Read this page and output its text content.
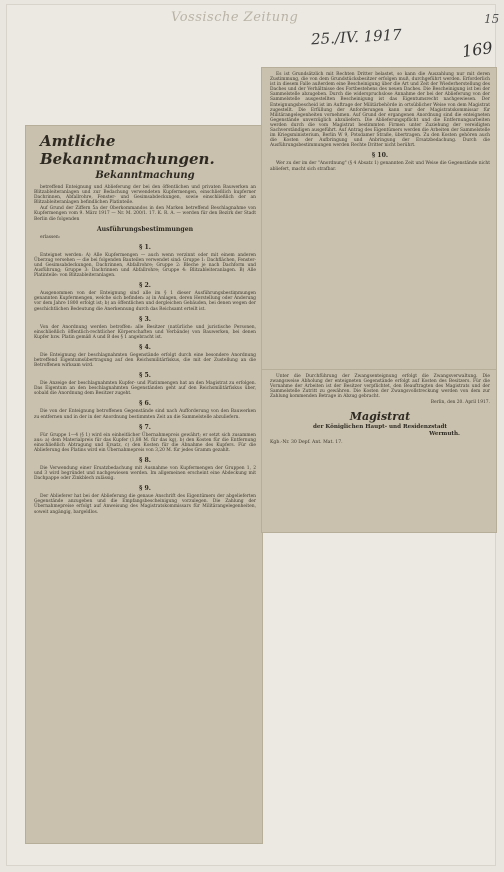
Vossische Zeitung	15
25./IV. 1917
169
Amtliche Bekanntmachungen.
Bekanntmachung

betreffend Enteignung und Ablieferung der bei den öffentlichen und privaten Bauwerken an Blitzableiteranlagen und zur Bedachung verwendeten Kupfermengen, einschließlich kupferner Dachrinnen, Abfallrohre, Fenster- und Gesimsabdeckungen, sowie einschließlich der an Blitzableiteranlagen befindlichen Platinteile.

Auf Grund der Ziffern 5a der Oberkommandos in den Marken betreffend Beschlagnahme von Kupfermengen vom 9. März 1917 — Nr. M. 200/1. 17. K. R. A. — werden für den Bezirk der Stadt Berlin die folgenden

Ausführungsbestimmungen

erlassen:

§ 1.

Enteignet werden: A) Alle Kupfermengen — auch wenn verzinnt oder mit einem anderen Überzug versehen — die bei folgenden Bauteilen verwendet sind: Gruppe 1: Dachflächen, Fenster- und Gesimsabdeckungen, Dachrinnen, Abfallrohre; Gruppe 2: Bleche je nach Dachform und Ausführung; Gruppe 3: Dachrinnen und Abfallrohre; Gruppe 4: Blitzableiteranlagen. B) Alle Platinteile: von Blitzableiteranlagen.

§ 2.

Ausgenommen von der Enteignung sind alle im § 1 dieser Ausführungsbestimmungen genannten Kupfermengen, welche sich befinden: a) in Anlagen, deren Herstellung oder Änderung vor dem Jahre 1800 erfolgt ist; b) an öffentlichen und dergleichen Gebäuden, bei denen wegen der geschichtlichen Bedeutung die Anerkennung durch das Reichsamt erteilt ist.

§ 3.

Von der Anordnung werden betroffen: alle Besitzer (natürliche und juristische Personen, einschließlich öffentlich-rechtlicher Körperschaften und Verbände) von Bauwerken, bei denen Kupfer bzw. Platin gemäß A und B des § 1 angebracht ist.

§ 4.

Die Enteignung der beschlagnahmten Gegenstände erfolgt durch eine besondere Anordnung betreffend Eigentumsübertragung auf den Reichsmilitärfiskus, die mit der Zustellung an die Betroffenen wirksam wird.

§ 5.

Die Anzeige der beschlagnahmten Kupfer- und Platinmengen hat an den Magistrat zu erfolgen. Das Eigentum an den beschlagnahmten Gegenständen geht auf den Reichsmilitärfiskus über, sobald die Anordnung dem Besitzer zugeht.

§ 6.

Die von der Enteignung betroffenen Gegenstände sind nach Aufforderung von den Bauwerken zu entfernen und in der in der Anordnung bestimmten Zeit an die Sammelstelle abzuliefern.

§ 7.

Für Gruppe 1—4 (§ 1) wird ein einheitlicher Übernahmepreis gewährt; er setzt sich zusammen aus: a) dem Materialpreis für das Kupfer (1,88 M. für das kg), b) den Kosten für die Entfernung einschließlich Abtragung und Ersatz, c) den Kosten für die Abnahme des Kupfers. Für die Ablieferung des Platins wird ein Übernahmepreis von 3,20 M. für jedes Gramm gezahlt.

§ 8.

Die Verwendung einer Ersatzbedachung mit Ausnahme von Kupfermengen der Gruppen 1, 2 und 3 wird begründet und nachgewiesen werden. Im allgemeinen erscheint eine Abdeckung mit Dachpappe oder Zinkblech zulässig.

§ 9.

Der Ablieferer hat bei der Ablieferung die genaue Anschrift des Eigentümers der abgelieferten Gegenstände anzugeben und die Empfangsbescheinigung vorzulegen. Die Zahlung der Übernahmepreise erfolgt auf Anweisung des Magistratskommissars für Militärangelegenheiten, soweit angängig, bargeldlos.

Es ist Grundsätzlich mit Rechten Dritter belastet, so kann die Auszahlung nur mit deren Zustimmung, die von dem Grundstücksbesitzer erfolgen muß, durchgeführt werden. Erforderlich ist in diesem Falle außerdem eine Bescheinigung über die Art und Zeit der Wiederherstellung des Daches und der Verhältnisse des Fortbestehens des neuen Daches. Die Bescheinigung ist bei der Sammelstelle abzugeben. Durch die widerspruchslose Annahme der bei der Ablieferung von der Sammelstelle ausgestellten Bescheinigung ist das Eigentumsrecht nachgewiesen. Der Enteignungsbescheid ist im Auftrage der Militärbehörde in ortsüblicher Weise von dem Magistrat zugestellt. Die Erfüllung der Anforderungen kann nur der Magistratskommissar für Militärangelegenheiten vornehmen. Auf Grund der ergangenen Anordnung sind die enteigneten Gegenstände unverzüglich abzuliefern. Die Ablieferungspflicht und die Entfernungsarbeiten werden durch die vom Magistrat bestimmten Firmen unter Zuziehung der vereidigten Sachverständigen ausgeführt. Auf Antrag des Eigentümers werden die Arbeiten der Sammelstelle im Kriegsministerium, Berlin W 9, Potsdamer Straße, übertragen. Zu den Kosten gehören auch die Kosten der Aufbringung und Anbringung der Ersatzbedachung. Durch die Ausführungsbestimmungen werden Rechte Dritter nicht berührt.

§ 10.

Wer zu der im der "Anordnung" (§ 4 Absatz 1) genannten Zeit und Weise die Gegenstände nicht abliefert, macht sich strafbar.

Unter die Durchführung der Zwangsenteignung erfolgt die Zwangsverwaltung. Die zwangsweise Abholung der enteigneten Gegenstände erfolgt auf Kosten des Besitzers. Für die Vornahme der Arbeiten ist der Besitzer verpflichtet, den Beauftragten des Magistrats und der Sammelstelle Zutritt zu gewähren. Die Kosten der Zwangsvollstreckung werden von dem zur Zahlung kommenden Betrage in Abzug gebracht.

Berlin, den 20. April 1917.

Magistrat
der Königlichen Haupt- und Residenzstadt
Wermuth.
Kgb.-Nr. 30 Depf. Ant. Mat. 17.
